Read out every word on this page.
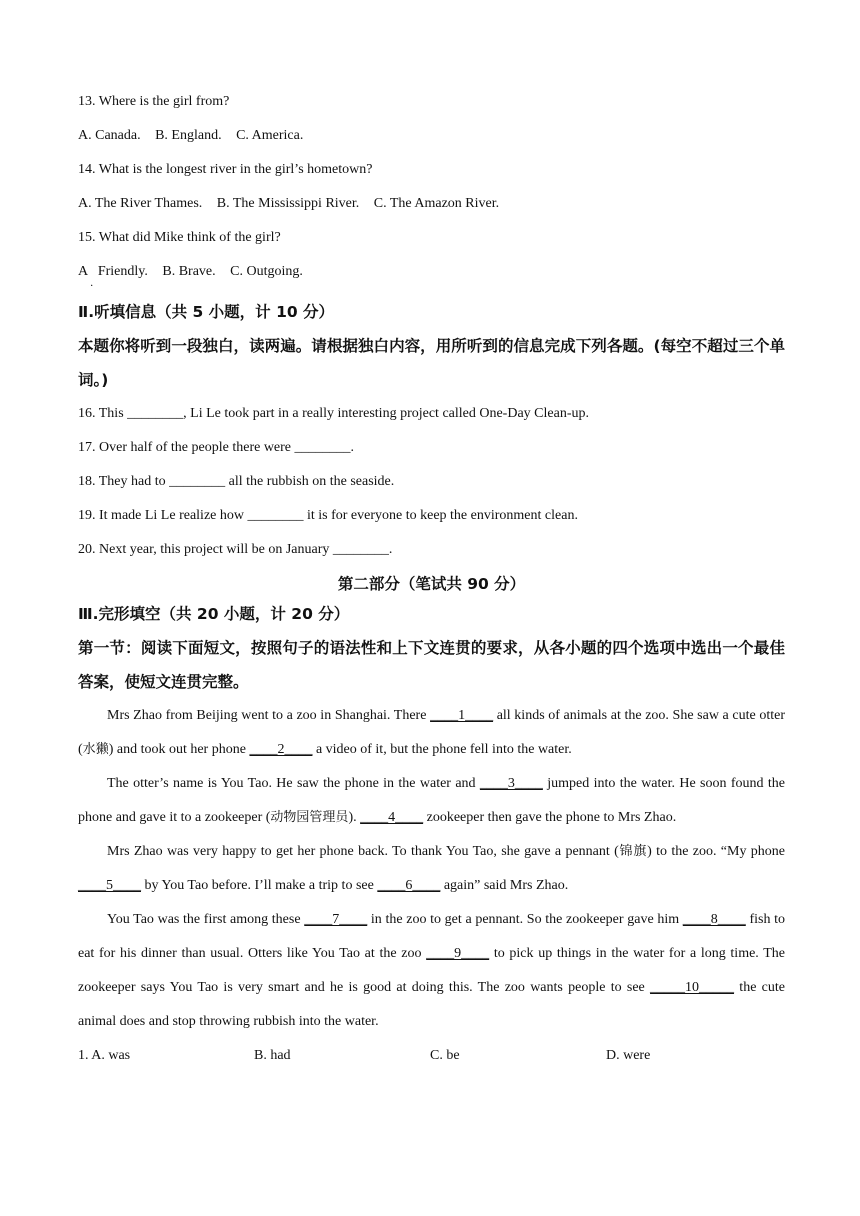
13. Where is the girl from?

A. Canada. B. England. C. America.

14. What is the longest river in the girl’s hometown?

A. The River Thames. B. The Mississippi River. C. The Amazon River.

15. What did Mike think of the girl?

A   Friendly. B. Brave. C. Outgoing.
·

Ⅱ.听填信息（共 5 小题，计 10 分）

本题你将听到一段独白，读两遍。请根据独白内容，用所听到的信息完成下列各题。(每空不超过三个单词。)

16. This ________, Li Le took part in a really interesting project called One-Day Clean-up.

17. Over half of the people there were ________.

18. They had to ________ all the rubbish on the seaside.

19. It made Li Le realize how ________ it is for everyone to keep the environment clean.

20. Next year, this project will be on January ________.

第二部分（笔试共 90 分）

Ⅲ.完形填空（共 20 小题，计 20 分）

第一节：阅读下面短文，按照句子的语法性和上下文连贯的要求，从各小题的四个选项中选出一个最佳答案，使短文连贯完整。

Mrs Zhao from Beijing went to a zoo in Shanghai. There ____1____ all kinds of animals at the zoo. She saw a cute otter (水獭) and took out her phone ____2____ a video of it, but the phone fell into the water.

The otter’s name is You Tao. He saw the phone in the water and ____3____ jumped into the water. He soon found the phone and gave it to a zookeeper (动物园管理员). ____4____ zookeeper then gave the phone to Mrs Zhao.

Mrs Zhao was very happy to get her phone back. To thank You Tao, she gave a pennant (锦旗) to the zoo. “My phone ____5____ by You Tao before. I’ll make a trip to see ____6____ again” said Mrs Zhao.

You Tao was the first among these ____7____ in the zoo to get a pennant. So the zookeeper gave him ____8____ fish to eat for his dinner than usual. Otters like You Tao at the zoo ____9____ to pick up things in the water for a long time. The zookeeper says You Tao is very smart and he is good at doing this. The zoo wants people to see _____10_____ the cute animal does and stop throwing rubbish into the water.

1. A. was	B. had	C. be	D. were
